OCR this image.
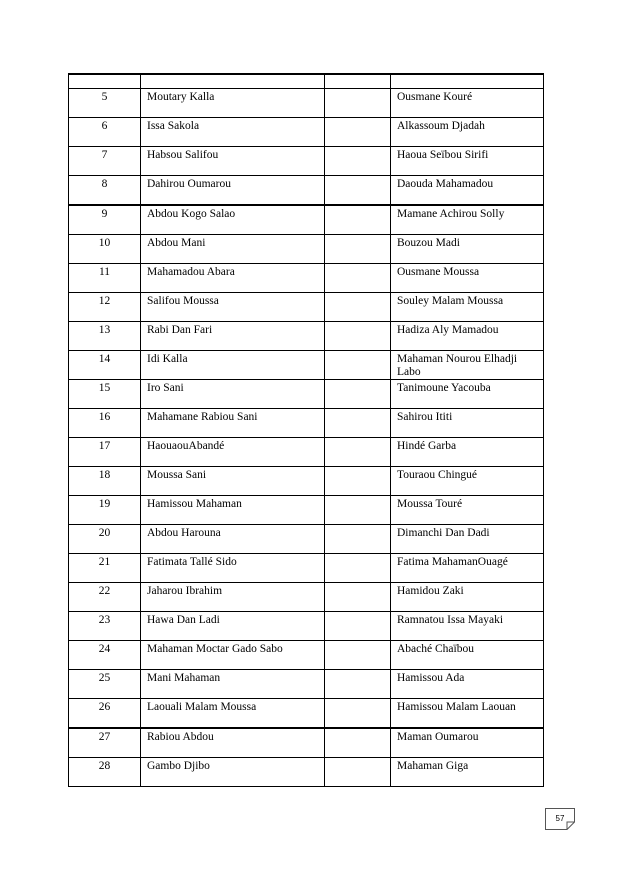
5	Moutary Kalla		Ousmane Kouré
6	Issa Sakola		Alkassoum Djadah
7	Habsou Salifou		Haoua Seïbou Sirifi
8	Dahirou Oumarou		Daouda Mahamadou
9	Abdou Kogo Salao		Mamane Achirou Solly
10	Abdou Mani		Bouzou Madi
11	Mahamadou Abara		Ousmane Moussa
12	Salifou Moussa		Souley Malam Moussa
13	Rabi Dan Fari		Hadiza Aly Mamadou
14	Idi Kalla		Mahaman Nourou Elhadji Labo
15	Iro Sani		Tanimoune Yacouba
16	Mahamane Rabiou Sani		Sahirou Ititi
17	HaouaouAbandé		Hindé Garba
18	Moussa Sani		Touraou Chingué
19	Hamissou Mahaman		Moussa Touré
20	Abdou Harouna		Dimanchi Dan Dadi
21	Fatimata Tallé Sido		Fatima MahamanOuagé
22	Jaharou Ibrahim		Hamidou Zaki
23	Hawa Dan Ladi		Ramnatou Issa Mayaki
24	Mahaman Moctar Gado Sabo		Abaché Chaïbou
25	Mani Mahaman		Hamissou Ada
26	Laouali Malam Moussa		Hamissou Malam Laouan
27	Rabiou Abdou		Maman Oumarou
28	Gambo Djibo		Mahaman Giga
57
